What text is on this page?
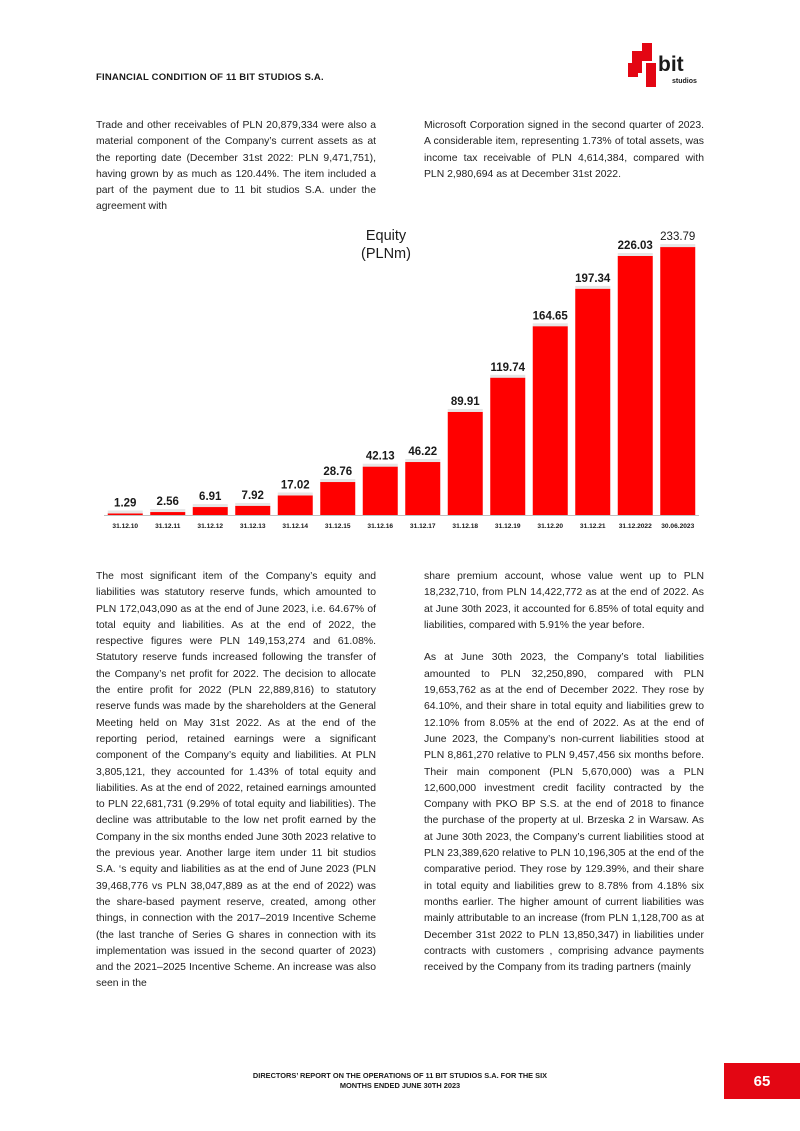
FINANCIAL CONDITION OF 11 BIT STUDIOS S.A.
bit
studios

Trade and other receivables of PLN 20,879,334 were also a material component of the Company’s current assets as at the reporting date (December 31st 2022: PLN 9,471,751), having grown by as much as 120.44%. The item included a part of the payment due to 11 bit studios S.A. under the agreement with

Microsoft Corporation signed in the second quarter of 2023. A considerable item, representing 1.73% of total assets, was income tax receivable of PLN 4,614,384, compared with PLN 2,980,694 as at December 31st 2022.

1.29
31.12.10
2.56
31.12.11
6.91
31.12.12
7.92
31.12.13
17.02
31.12.14
28.76
31.12.15
42.13
31.12.16
46.22
31.12.17
89.91
31.12.18
119.74
31.12.19
164.65
31.12.20
197.34
31.12.21
226.03
31.12.2022
233.79
30.06.2023
Equity
(PLNm)

The most significant item of the Company’s equity and liabilities was statutory reserve funds, which amounted to PLN 172,043,090 as at the end of June 2023, i.e. 64.67% of total equity and liabilities. As at the end of 2022, the respective figures were PLN 149,153,274 and 61.08%. Statutory reserve funds increased following the transfer of the Company’s net profit for 2022. The decision to allocate the entire profit for 2022 (PLN 22,889,816) to statutory reserve funds was made by the shareholders at the General Meeting held on May 31st 2022. As at the end of the reporting period, retained earnings were a significant component of the Company’s equity and liabilities. At PLN 3,805,121, they accounted for 1.43% of total equity and liabilities. As at the end of 2022, retained earnings amounted to PLN 22,681,731 (9.29% of total equity and liabilities). The decline was attributable to the low net profit earned by the Company in the six months ended June 30th 2023 relative to the previous year. Another large item under 11 bit studios S.A. ‘s equity and liabilities as at the end of June 2023 (PLN 39,468,776 vs PLN 38,047,889 as at the end of 2022) was the share-based payment reserve, created, among other things, in connection with the 2017–2019 Incentive Scheme (the last tranche of Series G shares in connection with its implementation was issued in the second quarter of 2023) and the 2021–2025 Incentive Scheme. An increase was also seen in the

share premium account, whose value went up to PLN 18,232,710, from PLN 14,422,772 as at the end of 2022. As at June 30th 2023, it accounted for 6.85% of total equity and liabilities, compared with 5.91% the year before.

As at June 30th 2023, the Company’s total liabilities amounted to PLN 32,250,890, compared with PLN 19,653,762 as at the end of December 2022. They rose by 64.10%, and their share in total equity and liabilities grew to 12.10% from 8.05% at the end of 2022. As at the end of June 2023, the Company’s non-current liabilities stood at PLN 8,861,270 relative to PLN 9,457,456 six months before. Their main component (PLN 5,670,000) was a PLN 12,600,000 investment credit facility contracted by the Company with PKO BP S.S. at the end of 2018 to finance the purchase of the property at ul. Brzeska 2 in Warsaw. As at June 30th 2023, the Company’s current liabilities stood at PLN 23,389,620 relative to PLN 10,196,305 at the end of the comparative period. They rose by 129.39%, and their share in total equity and liabilities grew to 8.78% from 4.18% six months earlier. The higher amount of current liabilities was mainly attributable to an increase (from PLN 1,128,700 as at December 31st 2022 to PLN 13,850,347) in liabilities under contracts with customers , comprising advance payments received by the Company from its trading partners (mainly

DIRECTORS’ REPORT ON THE OPERATIONS OF 11 BIT STUDIOS S.A. FOR THE SIX
MONTHS ENDED JUNE 30TH 2023	65
